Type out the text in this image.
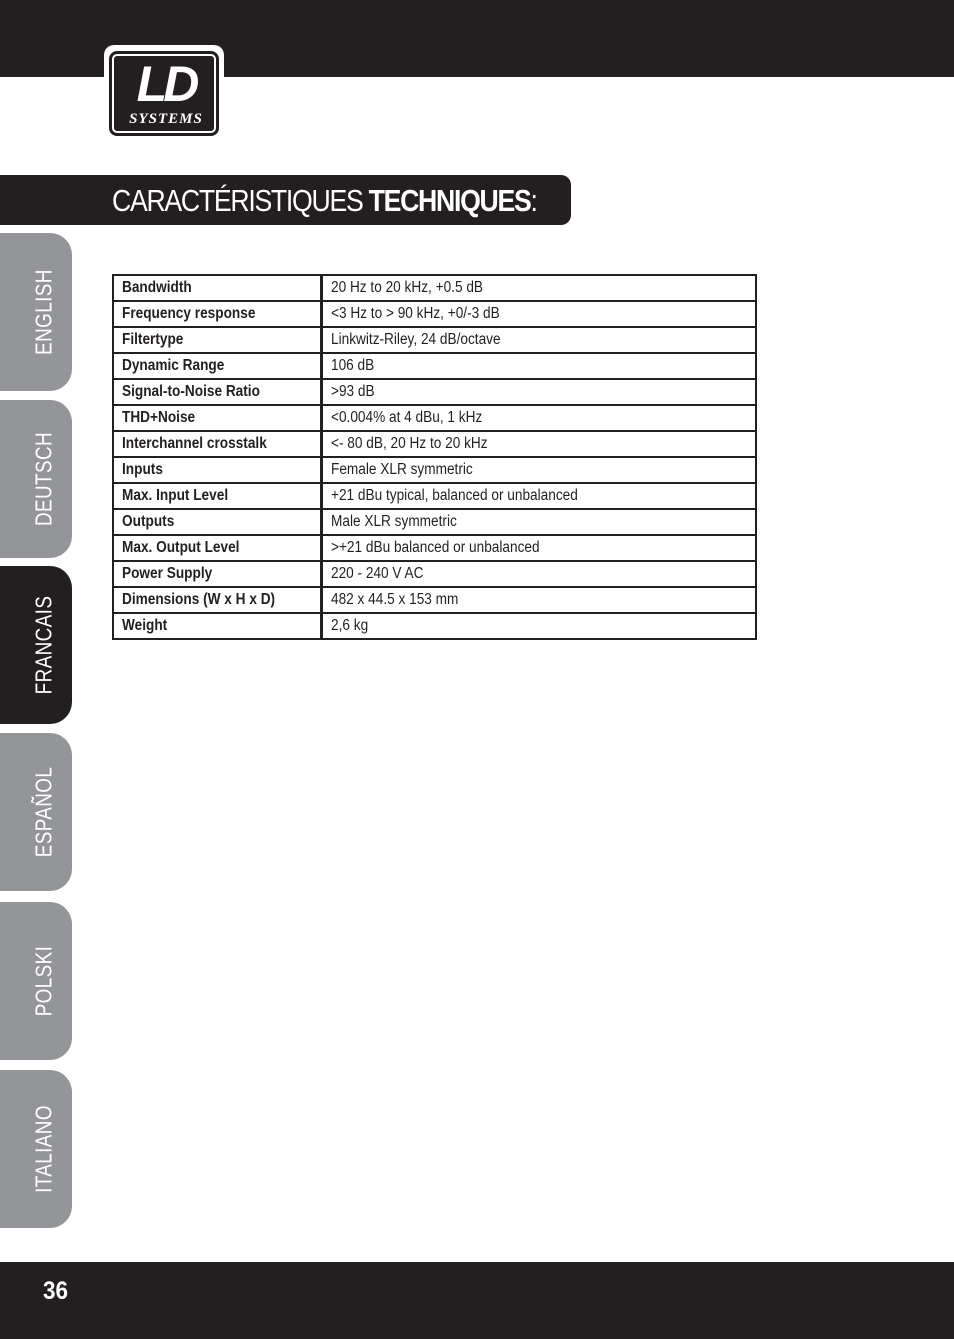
LD
SYSTEMS
CARACTÉRISTIQUES TECHNIQUES:
ENGLISH
DEUTSCH
FRANCAIS
ESPAÑOL
POLSKI
ITALIANO
Bandwidth	20 Hz to 20 kHz, +0.5 dB
Frequency response	<3 Hz to > 90 kHz, +0/-3 dB
Filtertype	Linkwitz-Riley, 24 dB/octave
Dynamic Range	106 dB
Signal-to-Noise Ratio	>93 dB
THD+Noise	<0.004% at 4 dBu, 1 kHz
Interchannel crosstalk	<- 80 dB, 20 Hz to 20 kHz
Inputs	Female XLR symmetric
Max. Input Level	+21 dBu typical, balanced or unbalanced
Outputs	Male XLR symmetric
Max. Output Level	>+21 dBu balanced or unbalanced
Power Supply	220 - 240 V AC
Dimensions (W x H x D)	482 x 44.5 x 153 mm
Weight	2,6 kg
36
